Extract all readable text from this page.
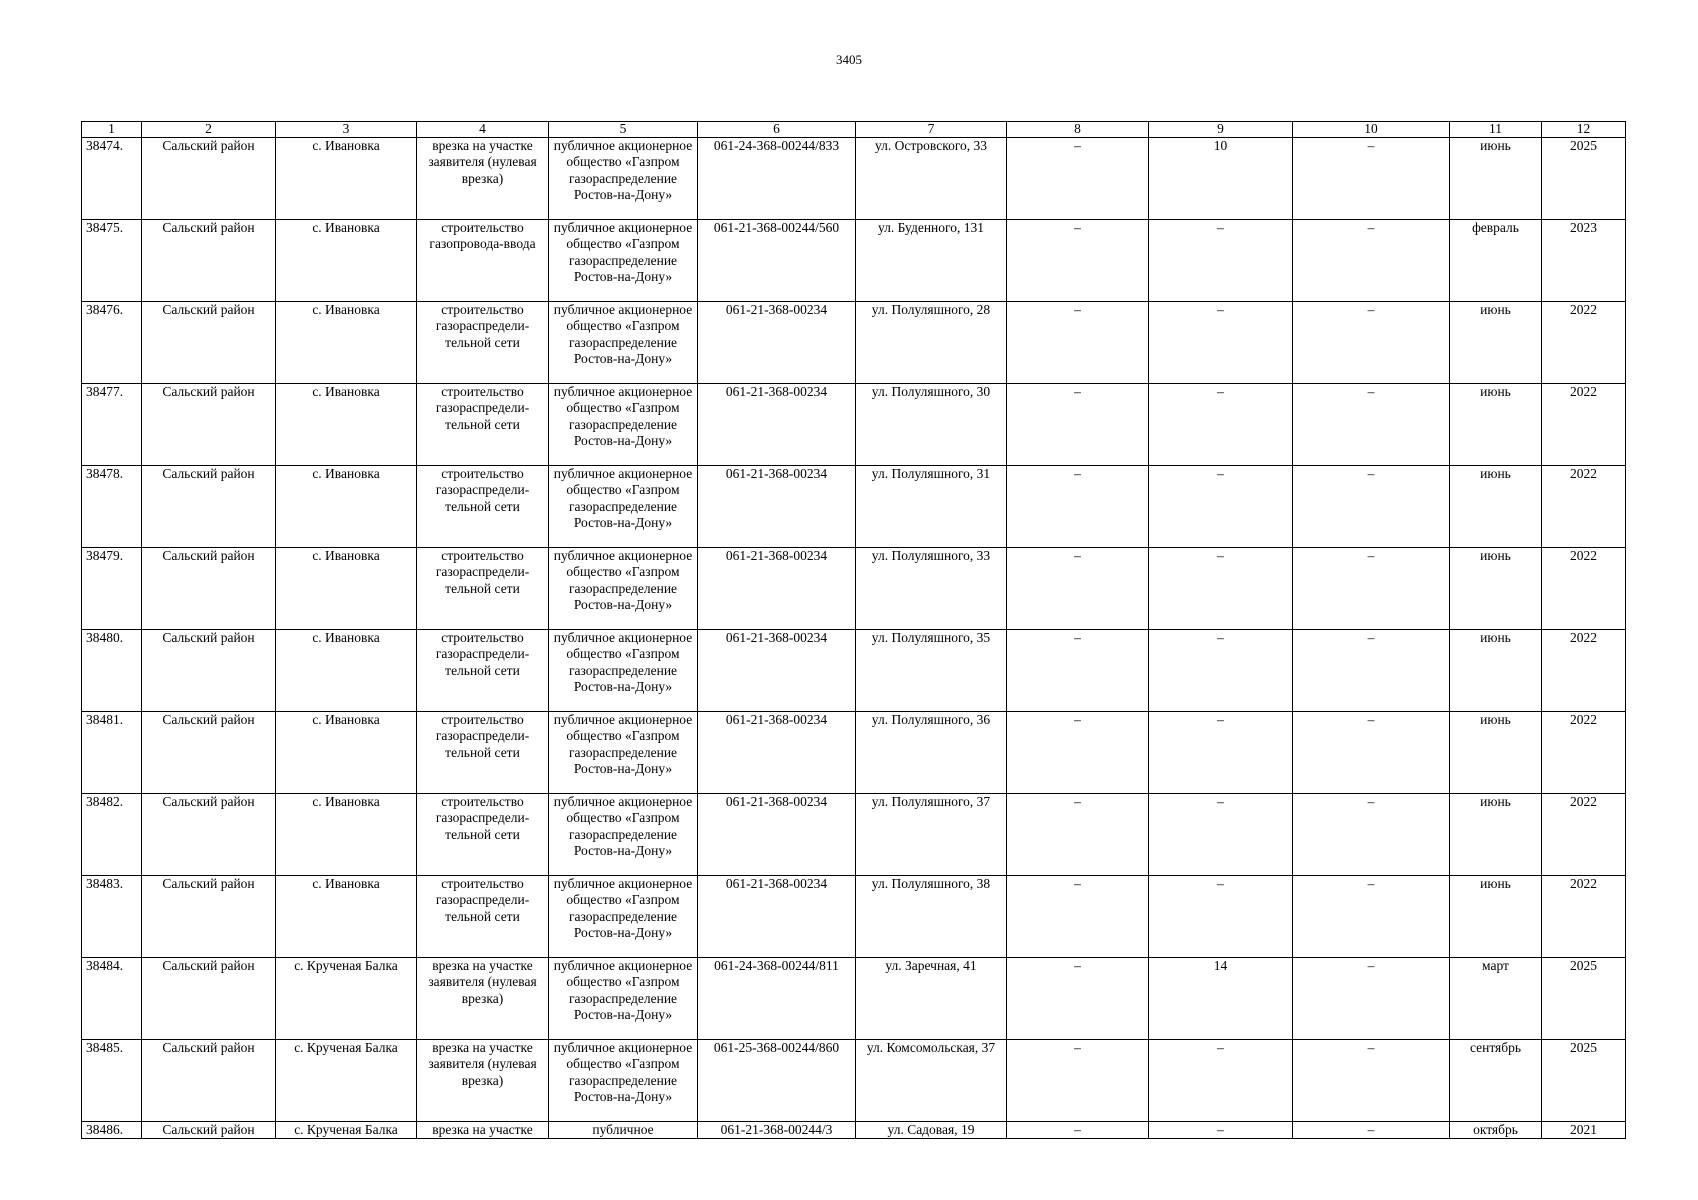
3405
1	2	3	4	5	6	7	8	9	10	11	12
38474.	Сальский район	с. Ивановка	врезка на участке заявителя (нулевая врезка)	публичное акционерное общество «Газпром газораспределение Ростов-на-Дону»	061-24-368-00244/833	ул. Островского, 33	–	10	–	июнь	2025
38475.	Сальский район	с. Ивановка	строительство газопровода-ввода	публичное акционерное общество «Газпром газораспределение Ростов-на-Дону»	061-21-368-00244/560	ул. Буденного, 131	–	–	–	февраль	2023
38476.	Сальский район	с. Ивановка	строительство газораспредели-тельной сети	публичное акционерное общество «Газпром газораспределение Ростов-на-Дону»	061-21-368-00234	ул. Полуляшного, 28	–	–	–	июнь	2022
38477.	Сальский район	с. Ивановка	строительство газораспредели-тельной сети	публичное акционерное общество «Газпром газораспределение Ростов-на-Дону»	061-21-368-00234	ул. Полуляшного, 30	–	–	–	июнь	2022
38478.	Сальский район	с. Ивановка	строительство газораспредели-тельной сети	публичное акционерное общество «Газпром газораспределение Ростов-на-Дону»	061-21-368-00234	ул. Полуляшного, 31	–	–	–	июнь	2022
38479.	Сальский район	с. Ивановка	строительство газораспредели-тельной сети	публичное акционерное общество «Газпром газораспределение Ростов-на-Дону»	061-21-368-00234	ул. Полуляшного, 33	–	–	–	июнь	2022
38480.	Сальский район	с. Ивановка	строительство газораспредели-тельной сети	публичное акционерное общество «Газпром газораспределение Ростов-на-Дону»	061-21-368-00234	ул. Полуляшного, 35	–	–	–	июнь	2022
38481.	Сальский район	с. Ивановка	строительство газораспредели-тельной сети	публичное акционерное общество «Газпром газораспределение Ростов-на-Дону»	061-21-368-00234	ул. Полуляшного, 36	–	–	–	июнь	2022
38482.	Сальский район	с. Ивановка	строительство газораспредели-тельной сети	публичное акционерное общество «Газпром газораспределение Ростов-на-Дону»	061-21-368-00234	ул. Полуляшного, 37	–	–	–	июнь	2022
38483.	Сальский район	с. Ивановка	строительство газораспредели-тельной сети	публичное акционерное общество «Газпром газораспределение Ростов-на-Дону»	061-21-368-00234	ул. Полуляшного, 38	–	–	–	июнь	2022
38484.	Сальский район	с. Крученая Балка	врезка на участке заявителя (нулевая врезка)	публичное акционерное общество «Газпром газораспределение Ростов-на-Дону»	061-24-368-00244/811	ул. Заречная, 41	–	14	–	март	2025
38485.	Сальский район	с. Крученая Балка	врезка на участке заявителя (нулевая врезка)	публичное акционерное общество «Газпром газораспределение Ростов-на-Дону»	061-25-368-00244/860	ул. Комсомольская, 37	–	–	–	сентябрь	2025
38486.	Сальский район	с. Крученая Балка	врезка на участке	публичное	061-21-368-00244/3	ул. Садовая, 19	–	–	–	октябрь	2021
